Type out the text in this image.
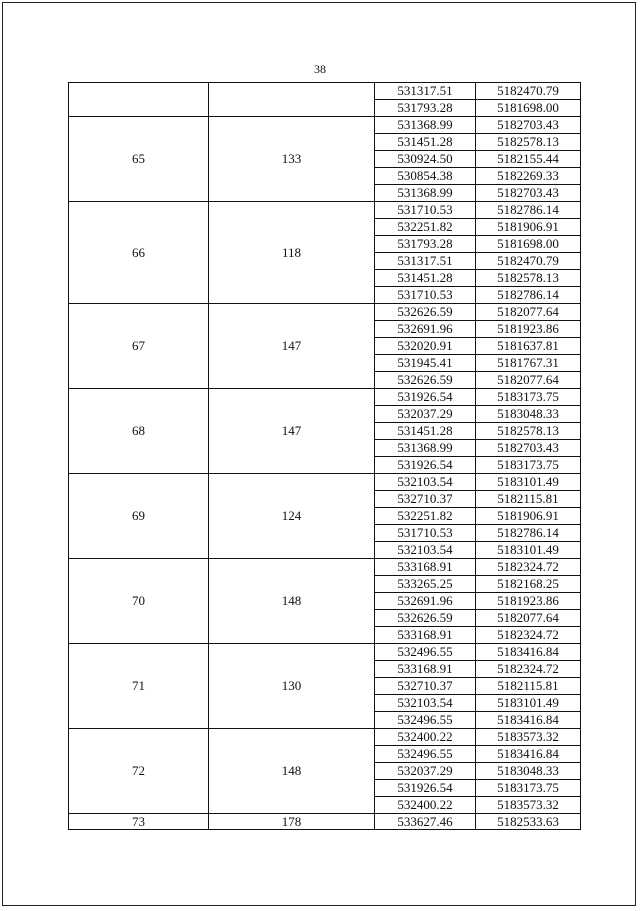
38
		531317.51	5182470.79
		531793.28	5181698.00
65	133	531368.99	5182703.43
		531451.28	5182578.13
		530924.50	5182155.44
		530854.38	5182269.33
		531368.99	5182703.43
66	118	531710.53	5182786.14
		532251.82	5181906.91
		531793.28	5181698.00
		531317.51	5182470.79
		531451.28	5182578.13
		531710.53	5182786.14
67	147	532626.59	5182077.64
		532691.96	5181923.86
		532020.91	5181637.81
		531945.41	5181767.31
		532626.59	5182077.64
68	147	531926.54	5183173.75
		532037.29	5183048.33
		531451.28	5182578.13
		531368.99	5182703.43
		531926.54	5183173.75
69	124	532103.54	5183101.49
		532710.37	5182115.81
		532251.82	5181906.91
		531710.53	5182786.14
		532103.54	5183101.49
70	148	533168.91	5182324.72
		533265.25	5182168.25
		532691.96	5181923.86
		532626.59	5182077.64
		533168.91	5182324.72
71	130	532496.55	5183416.84
		533168.91	5182324.72
		532710.37	5182115.81
		532103.54	5183101.49
		532496.55	5183416.84
72	148	532400.22	5183573.32
		532496.55	5183416.84
		532037.29	5183048.33
		531926.54	5183173.75
		532400.22	5183573.32
73	178	533627.46	5182533.63
